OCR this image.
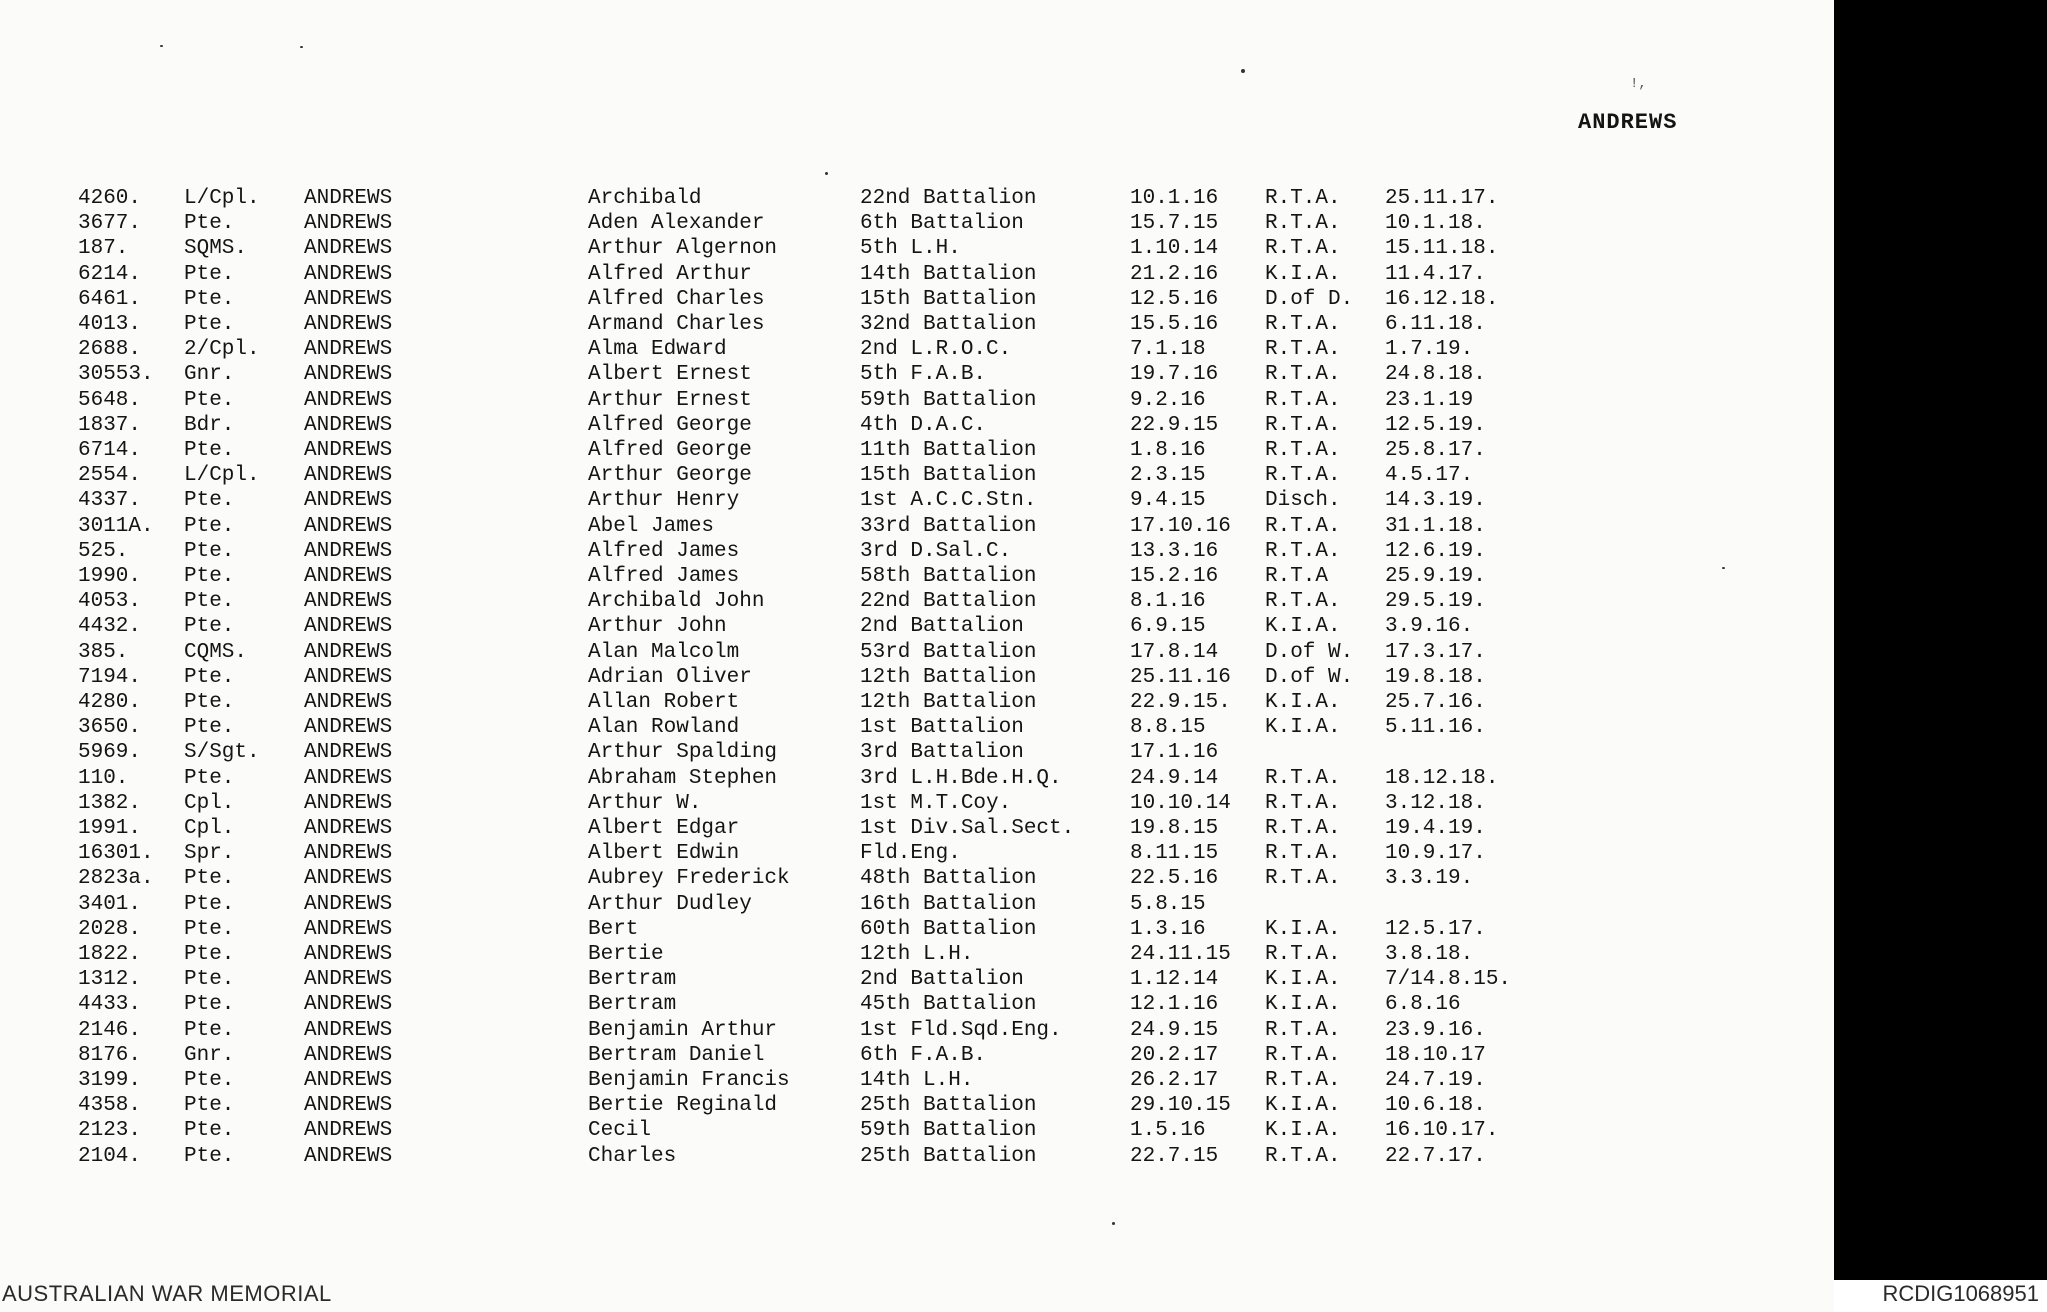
!,
ANDREWS
4260. L/Cpl. ANDREWS	Archibald	22nd Battalion	10.1.16 R.T.A. 25.11.17.
3677. Pte.	ANDREWS	Aden Alexander	6th Battalion	15.7.15 R.T.A. 10.1.18.
187.	SQMS.	ANDREWS	Arthur Algernon	5th L.H.	1.10.14 R.T.A. 15.11.18.
6214. Pte.	ANDREWS	Alfred Arthur	14th Battalion	21.2.16 K.I.A. 11.4.17.
6461. Pte.	ANDREWS	Alfred Charles	15th Battalion	12.5.16 D.of D. 16.12.18.
4013. Pte.	ANDREWS	Armand Charles	32nd Battalion	15.5.16 R.T.A. 6.11.18.
2688. 2/Cpl. ANDREWS	Alma Edward	2nd L.R.O.C.	7.1.18	R.T.A. 1.7.19.
30553. Gnr.	ANDREWS	Albert Ernest	5th F.A.B.	19.7.16 R.T.A. 24.8.18.
5648. Pte.	ANDREWS	Arthur Ernest	59th Battalion	9.2.16	R.T.A. 23.1.19
1837. Bdr.	ANDREWS	Alfred George	4th D.A.C.	22.9.15 R.T.A. 12.5.19.
6714. Pte.	ANDREWS	Alfred George	11th Battalion	1.8.16	R.T.A. 25.8.17.
2554. L/Cpl. ANDREWS	Arthur George	15th Battalion	2.3.15	R.T.A. 4.5.17.
4337. Pte.	ANDREWS	Arthur Henry	1st A.C.C.Stn.	9.4.15	Disch. 14.3.19.
3011A. Pte.	ANDREWS	Abel James	33rd Battalion	17.10.16 R.T.A. 31.1.18.
525.	Pte.	ANDREWS	Alfred James	3rd D.Sal.C.	13.3.16 R.T.A. 12.6.19.
1990. Pte.	ANDREWS	Alfred James	58th Battalion	15.2.16 R.T.A	25.9.19.
4053. Pte.	ANDREWS	Archibald John	22nd Battalion	8.1.16	R.T.A. 29.5.19.
4432. Pte.	ANDREWS	Arthur John	2nd Battalion	6.9.15	K.I.A. 3.9.16.
385.	CQMS.	ANDREWS	Alan Malcolm	53rd Battalion	17.8.14 D.of W. 17.3.17.
7194. Pte.	ANDREWS	Adrian Oliver	12th Battalion	25.11.16 D.of W. 19.8.18.
4280. Pte.	ANDREWS	Allan Robert	12th Battalion	22.9.15. K.I.A. 25.7.16.
3650. Pte.	ANDREWS	Alan Rowland	1st Battalion	8.8.15	K.I.A. 5.11.16.
5969. S/Sgt. ANDREWS	Arthur Spalding	3rd Battalion	17.1.16
110.	Pte.	ANDREWS	Abraham Stephen	3rd L.H.Bde.H.Q.	24.9.14 R.T.A. 18.12.18.
1382. Cpl.	ANDREWS	Arthur W.	1st M.T.Coy.	10.10.14 R.T.A. 3.12.18.
1991. Cpl.	ANDREWS	Albert Edgar	1st Div.Sal.Sect.	19.8.15 R.T.A. 19.4.19.
16301. Spr.	ANDREWS	Albert Edwin	Fld.Eng.	8.11.15 R.T.A. 10.9.17.
2823a. Pte.	ANDREWS	Aubrey Frederick	48th Battalion	22.5.16 R.T.A. 3.3.19.
3401. Pte.	ANDREWS	Arthur Dudley	16th Battalion	5.8.15
2028. Pte.	ANDREWS	Bert	60th Battalion	1.3.16	K.I.A. 12.5.17.
1822. Pte.	ANDREWS	Bertie	12th L.H.	24.11.15 R.T.A. 3.8.18.
1312. Pte.	ANDREWS	Bertram	2nd Battalion	1.12.14 K.I.A. 7/14.8.15.
4433. Pte.	ANDREWS	Bertram	45th Battalion	12.1.16 K.I.A. 6.8.16
2146. Pte.	ANDREWS	Benjamin Arthur	1st Fld.Sqd.Eng.	24.9.15 R.T.A. 23.9.16.
8176. Gnr.	ANDREWS	Bertram Daniel	6th F.A.B.	20.2.17 R.T.A. 18.10.17
3199. Pte.	ANDREWS	Benjamin Francis	14th L.H.	26.2.17 R.T.A. 24.7.19.
4358. Pte.	ANDREWS	Bertie Reginald	25th Battalion	29.10.15 K.I.A. 10.6.18.
2123. Pte.	ANDREWS	Cecil	59th Battalion	1.5.16	K.I.A. 16.10.17.
2104. Pte.	ANDREWS	Charles	25th Battalion	22.7.15 R.T.A. 22.7.17.
AUSTRALIAN WAR MEMORIAL	RCDIG1068951
